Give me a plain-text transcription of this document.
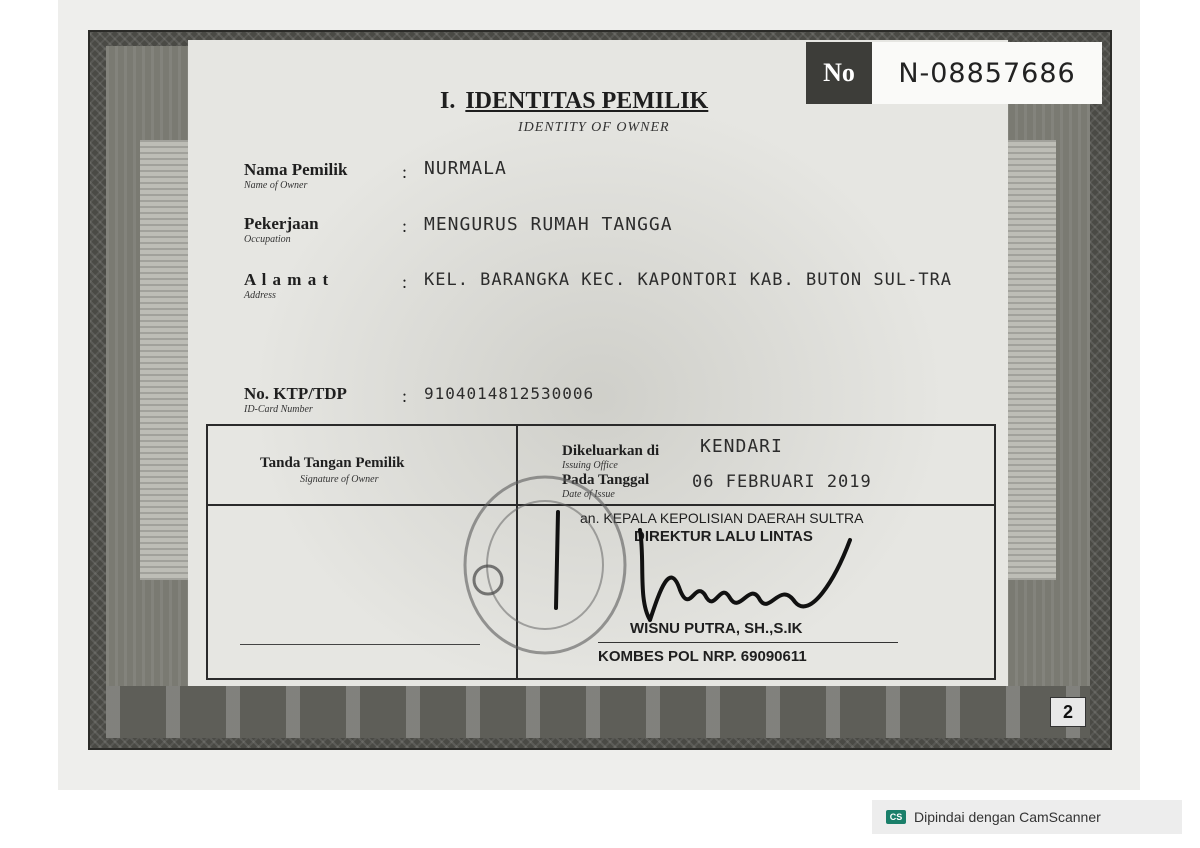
No	N-08857686
I. IDENTITAS PEMILIK
IDENTITY OF OWNER
Nama Pemilik
Name of Owner
: NURMALA
Pekerjaan
Occupation
: MENGURUS RUMAH TANGGA
A l a m a t
Address
: KEL. BARANGKA KEC. KAPONTORI KAB. BUTON SUL-TRA
No. KTP/TDP
ID-Card Number
: 9104014812530006
Tanda Tangan Pemilik
Signature of Owner
Dikeluarkan di
Issuing Office
KENDARI
Pada Tanggal
Date of Issue
06 FEBRUARI 2019
an. KEPALA KEPOLISIAN DAERAH SULTRA
DIREKTUR LALU LINTAS
WISNU PUTRA, SH.,S.IK
KOMBES POL NRP. 69090611
2
CS Dipindai dengan CamScanner
